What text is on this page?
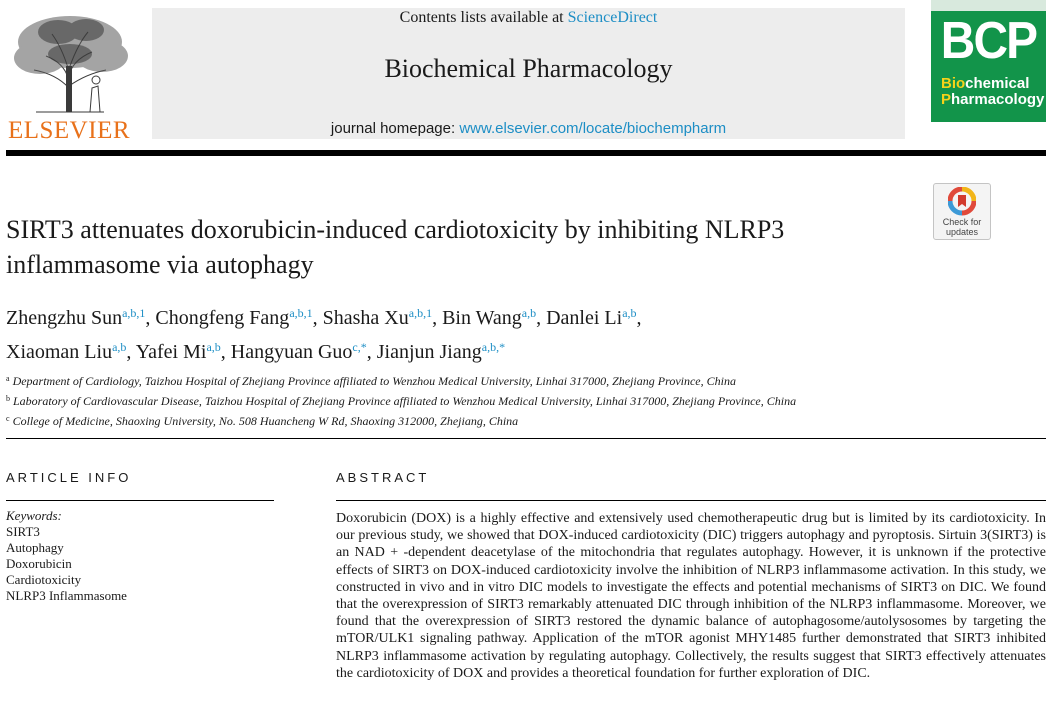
ELSEVIER
Contents lists available at ScienceDirect
Biochemical Pharmacology
journal homepage: www.elsevier.com/locate/biochempharm
BCP
Biochemical
Pharmacology
Check for
updates
SIRT3 attenuates doxorubicin-induced cardiotoxicity by inhibiting NLRP3 inflammasome via autophagy
Zhengzhu Sun$^{a,b,1}$, Chongfeng Fang$^{a,b,1}$, Shasha Xu$^{a,b,1}$, Bin Wang$^{a,b}$, Danlei Li$^{a,b}$,
Xiaoman Liu$^{a,b}$, Yafei Mi$^{a,b}$, Hangyuan Guo$^{c,*}$, Jianjun Jiang$^{a,b,*}$
$^a$ Department of Cardiology, Taizhou Hospital of Zhejiang Province affiliated to Wenzhou Medical University, Linhai 317000, Zhejiang Province, China
$^b$ Laboratory of Cardiovascular Disease, Taizhou Hospital of Zhejiang Province affiliated to Wenzhou Medical University, Linhai 317000, Zhejiang Province, China
$^c$ College of Medicine, Shaoxing University, No. 508 Huancheng W Rd, Shaoxing 312000, Zhejiang, China
ARTICLE INFO
Keywords:
SIRT3
Autophagy
Doxorubicin
Cardiotoxicity
NLRP3 Inflammasome
ABSTRACT
Doxorubicin (DOX) is a highly effective and extensively used chemotherapeutic drug but is limited by its cardiotoxicity. In our previous study, we showed that DOX-induced cardiotoxicity (DIC) triggers autophagy and pyroptosis. Sirtuin 3(SIRT3) is an NAD + -dependent deacetylase of the mitochondria that regulates autophagy. However, it is unknown if the protective effects of SIRT3 on DOX-induced cardiotoxicity involve the inhibition of NLRP3 inflammasome activation. In this study, we constructed in vivo and in vitro DIC models to investigate the effects and potential mechanisms of SIRT3 on DIC. We found that the overexpression of SIRT3 remarkably attenuated DIC through inhibition of the NLRP3 inflammasome. Moreover, we found that the overexpression of SIRT3 restored the dynamic balance of autophagosome/autolysosomes by targeting the mTOR/ULK1 signaling pathway. Application of the mTOR agonist MHY1485 further demonstrated that SIRT3 inhibited NLRP3 inflammasome activation by regulating autophagy. Collectively, the results suggest that SIRT3 effectively attenuates the cardiotoxicity of DOX and provides a theoretical foundation for further exploration of DIC.
